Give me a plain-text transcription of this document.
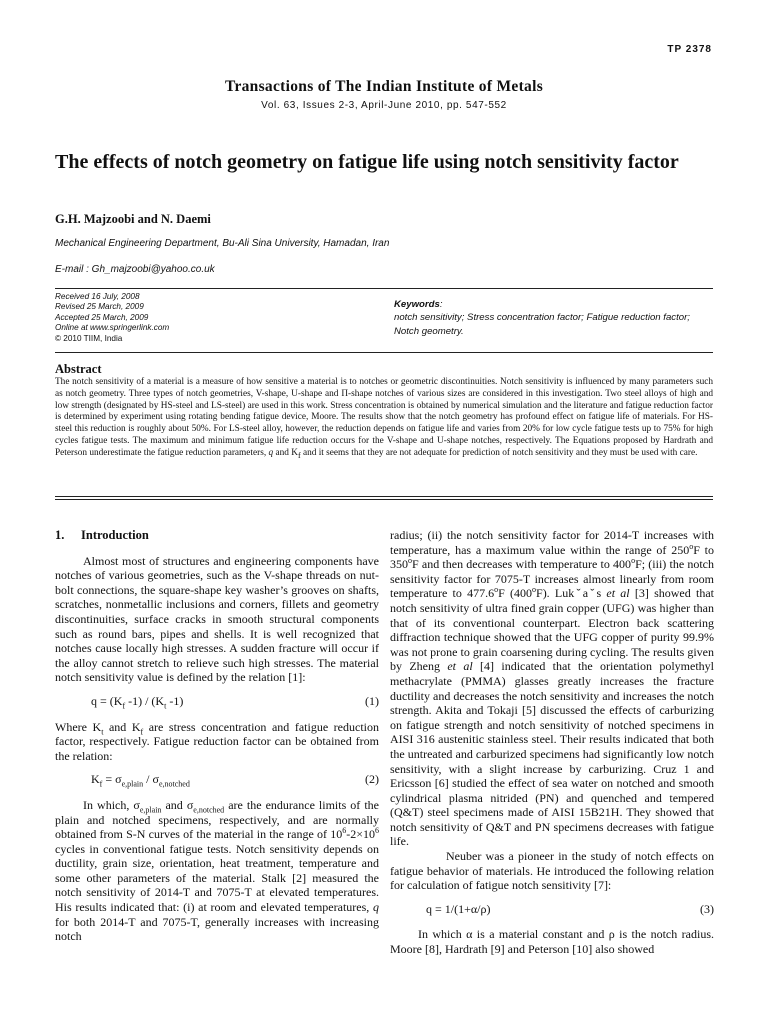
TP 2378
Transactions of The Indian Institute of Metals
Vol. 63, Issues 2-3, April-June 2010, pp. 547-552
The effects of notch geometry on fatigue life using notch sensitivity factor
G.H. Majzoobi and N. Daemi
Mechanical Engineering Department, Bu-Ali Sina University, Hamadan, Iran
E-mail : Gh_majzoobi@yahoo.co.uk
Received 16 July, 2008
Revised 25 March, 2009
Accepted 25 March, 2009
Online at www.springerlink.com
© 2010 TIIM, India
Keywords:
notch sensitivity; Stress concentration factor; Fatigue reduction factor; Notch geometry.
Abstract
The notch sensitivity of a material is a measure of how sensitive a material is to notches or geometric discontinuities. Notch sensitivity is influenced by many parameters such as notch geometry. Three types of notch geometries, V-shape, U-shape and Π-shape notches of various sizes are considered in this investigation. Two steel alloys of high and low strength (designated by HS-steel and LS-steel) are used in this work. Stress concentration is obtained by numerical simulation and the literature and fatigue reduction factor is determined by experiment using rotating bending fatigue device, Moore. The results show that the notch geometry has profound effect on fatigue life of materials. For HS-steel this reduction is roughly about 50%. For LS-steel alloy, however, the reduction depends on fatigue life and varies from 20% for low cycle fatigue tests up to 75% for high cycles fatigue tests. The maximum and minimum fatigue life reduction occurs for the V-shape and U-shape notches, respectively. The Equations proposed by Hardrath and Peterson underestimate the fatigue reduction parameters, q and $K_f$ and it seems that they are not adequate for prediction of notch sensitivity and they must be used with care.

1.	Introduction

Almost most of structures and engineering components have notches of various geometries, such as the V-shape threads on nut-bolt connections, the square-shape key washer’s grooves on shafts, scratches, nonmetallic inclusions and corners, fillets and geometry discontinuities, surface cracks in smooth structural components such as round bars, pipes and shells. It is well recognized that notches cause locally high stresses. A sudden fracture will occur if the alloy cannot stretch to relieve such high stresses. The material notch sensitivity value is defined by the relation [1]:

$q = (K_f$ $-1) / (K_t$ -1)	(1)

Where $K_t$ and $K_f$ are stress concentration and fatigue reduction factor, respectively. Fatigue reduction factor can be obtained from the relation:

$K_f = \sigma_{e,plain} / \sigma_{e,notched}$	(2)

In which, $\sigma_{e,plain}$ and $\sigma_{e,notched}$ are the endurance limits of the plain and notched specimens, respectively, and are normally obtained from S-N curves of the material in the range of $10^6-2\times 10^6$ cycles in conventional fatigue tests. Notch sensitivity depends on ductility, grain size, orientation, heat treatment, temperature and some other parameters of the material. Stalk [2] measured the notch sensitivity of 2014-T and 7075-T at elevated temperatures. His results indicated that: (i) at room and elevated temperatures, q for both 2014-T and 7075-T, generally increases with increasing notch

radius; (ii) the notch sensitivity factor for 2014-T increases with temperature, has a maximum value within the range of 250$^o$F to 350$^o$F and then decreases with temperature to 400$^o$F; (iii) the notch sensitivity factor for 7075-T increases almost linearly from room temperature to 477.6$^o$F (400$^o$F). Lukˇaˇs et al [3] showed that notch sensitivity of ultra fined grain copper (UFG) was higher than that of its conventional counterpart. Electron back scattering diffraction technique showed that the UFG copper of purity 99.9% was not prone to grain coarsening during cycling. The results given by Zheng et al [4] indicated that the orientation polymethyl methacrylate (PMMA) glasses greatly increases the fracture ductility and decreases the notch sensitivity and increases the notch strength. Akita and Tokaji [5] discussed the effects of carburizing on fatigue strength and notch sensitivity of notched specimens in AISI 316 austenitic stainless steel. Their results indicated that both the untreated and carburized specimens had significantly low notch sensitivity, with a slight increase by carburizing. Cruz 1 and Ericsson [6] studied the effect of sea water on notched and smooth cylindrical plasma nitrided (PN) and quenched and tempered (Q&T) steel specimens made of AISI 15B21H. They showed that notch sensitivity of Q&T and PN specimens decreases with fatigue life.

Neuber was a pioneer in the study of notch effects on fatigue behavior of materials. He introduced the following relation for calculation of fatigue notch sensitivity [7]:

q = 1/(1+α/ρ)	(3)

In which α is a material constant and ρ is the notch radius. Moore [8], Hardrath [9] and Peterson [10] also showed
